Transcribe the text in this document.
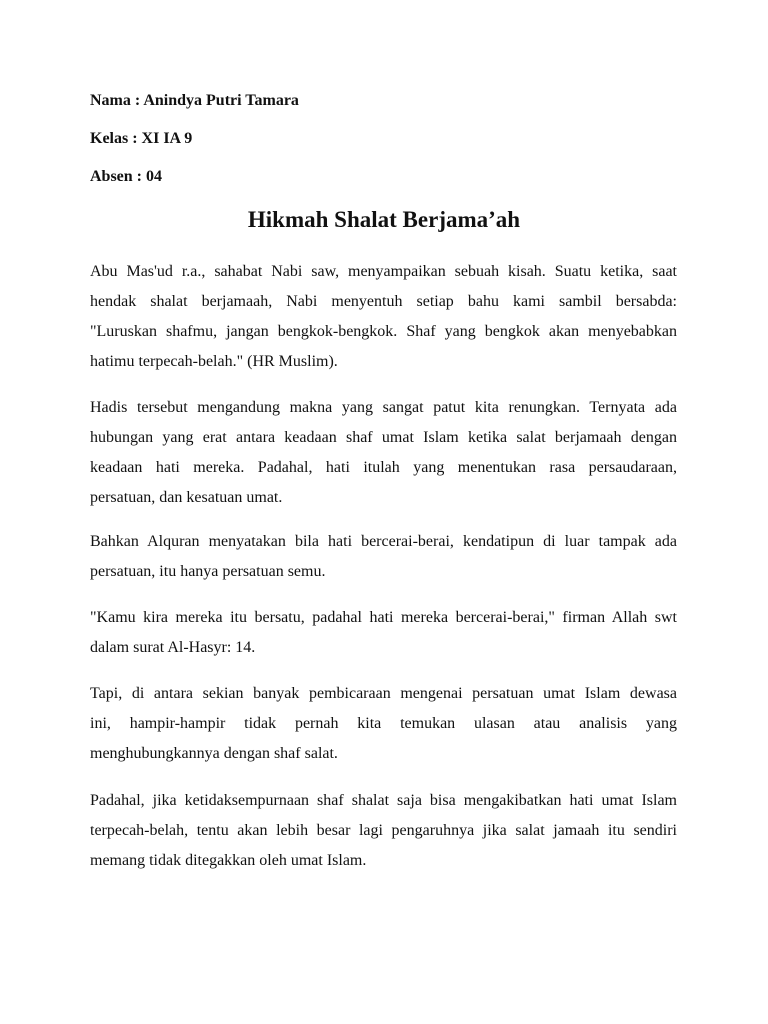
Nama : Anindya Putri Tamara
Kelas : XI IA 9
Absen : 04
Hikmah Shalat Berjama’ah
Abu Mas'ud r.a., sahabat Nabi saw, menyampaikan sebuah kisah. Suatu ketika, saat
hendak shalat berjamaah, Nabi menyentuh setiap bahu kami sambil bersabda:
"Luruskan shafmu, jangan bengkok-bengkok. Shaf yang bengkok akan menyebabkan
hatimu terpecah-belah." (HR Muslim).
Hadis tersebut mengandung makna yang sangat patut kita renungkan. Ternyata ada
hubungan yang erat antara keadaan shaf umat Islam ketika salat berjamaah dengan
keadaan hati mereka. Padahal, hati itulah yang menentukan rasa persaudaraan,
persatuan, dan kesatuan umat.
Bahkan Alquran menyatakan bila hati bercerai-berai, kendatipun di luar tampak ada
persatuan, itu hanya persatuan semu.
"Kamu kira mereka itu bersatu, padahal hati mereka bercerai-berai," firman Allah swt
dalam surat Al-Hasyr: 14.
Tapi, di antara sekian banyak pembicaraan mengenai persatuan umat Islam dewasa
ini, hampir-hampir tidak pernah kita temukan ulasan atau analisis yang
menghubungkannya dengan shaf salat.
Padahal, jika ketidaksempurnaan shaf shalat saja bisa mengakibatkan hati umat Islam
terpecah-belah, tentu akan lebih besar lagi pengaruhnya jika salat jamaah itu sendiri
memang tidak ditegakkan oleh umat Islam.
